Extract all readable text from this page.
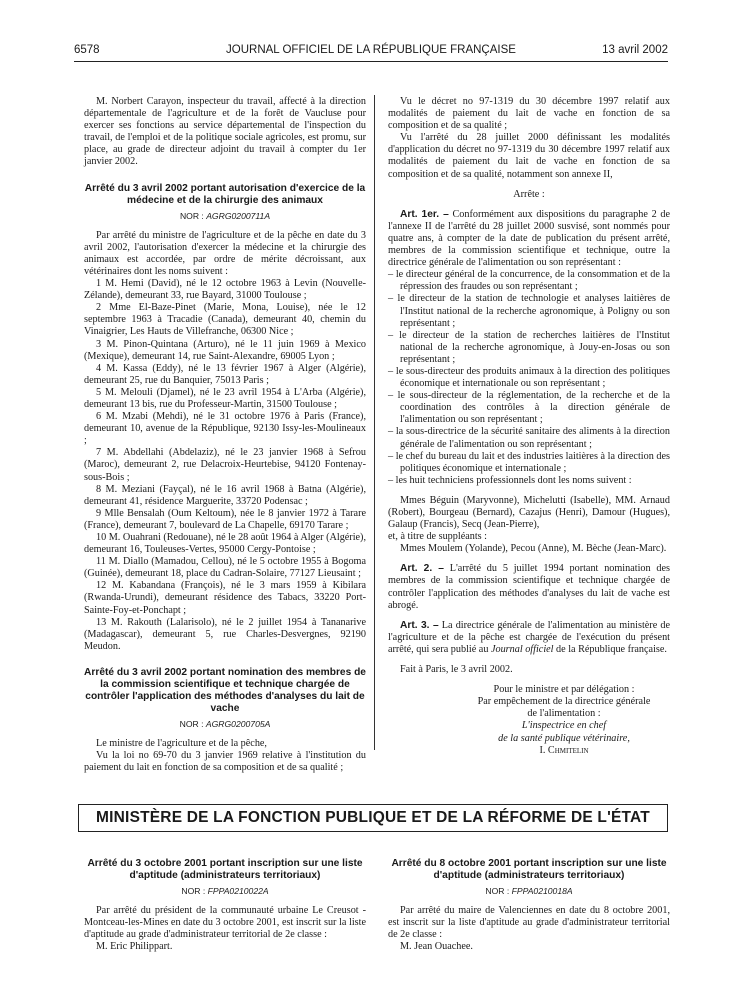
6578	JOURNAL OFFICIEL DE LA RÉPUBLIQUE FRANÇAISE	13 avril 2002

M. Norbert Carayon, inspecteur du travail, affecté à la direction départementale de l'agriculture et de la forêt de Vaucluse pour exercer ses fonctions au service départemental de l'inspection du travail, de l'emploi et de la politique sociale agricoles, est promu, sur place, au grade de directeur adjoint du travail à compter du 1er janvier 2002.

Arrêté du 3 avril 2002 portant autorisation d'exercice de la médecine et de la chirurgie des animaux

NOR : AGRG0200711A

Par arrêté du ministre de l'agriculture et de la pêche en date du 3 avril 2002, l'autorisation d'exercer la médecine et la chirurgie des animaux est accordée, par ordre de mérite décroissant, aux vétérinaires dont les noms suivent :

1 M. Hemi (David), né le 12 octobre 1963 à Levin (Nouvelle-Zélande), demeurant 33, rue Bayard, 31000 Toulouse ;

2 Mme El-Baze-Pinet (Marie, Mona, Louise), née le 12 septembre 1963 à Tracadie (Canada), demeurant 40, chemin du Vinaigrier, Les Hauts de Villefranche, 06300 Nice ;

3 M. Pinon-Quintana (Arturo), né le 11 juin 1969 à Mexico (Mexique), demeurant 14, rue Saint-Alexandre, 69005 Lyon ;

4 M. Kassa (Eddy), né le 13 février 1967 à Alger (Algérie), demeurant 25, rue du Banquier, 75013 Paris ;

5 M. Melouli (Djamel), né le 23 avril 1954 à L'Arba (Algérie), demeurant 13 bis, rue du Professeur-Martin, 31500 Toulouse ;

6 M. Mzabi (Mehdi), né le 31 octobre 1976 à Paris (France), demeurant 10, avenue de la République, 92130 Issy-les-Moulineaux ;

7 M. Abdellahi (Abdelaziz), né le 23 janvier 1968 à Sefrou (Maroc), demeurant 2, rue Delacroix-Heurtebise, 94120 Fontenay-sous-Bois ;

8 M. Meziani (Fayçal), né le 16 avril 1968 à Batna (Algérie), demeurant 41, résidence Marguerite, 33720 Podensac ;

9 Mlle Bensalah (Oum Keltoum), née le 8 janvier 1972 à Tarare (France), demeurant 7, boulevard de La Chapelle, 69170 Tarare ;

10 M. Ouahrani (Redouane), né le 28 août 1964 à Alger (Algérie), demeurant 16, Touleuses-Vertes, 95000 Cergy-Pontoise ;

11 M. Diallo (Mamadou, Cellou), né le 5 octobre 1955 à Bogoma (Guinée), demeurant 18, place du Cadran-Solaire, 77127 Lieusaint ;

12 M. Kabandana (François), né le 3 mars 1959 à Kibilara (Rwanda-Urundi), demeurant résidence des Tabacs, 33220 Port-Sainte-Foy-et-Ponchapt ;

13 M. Rakouth (Lalarisolo), né le 2 juillet 1954 à Tananarive (Madagascar), demeurant 5, rue Charles-Desvergnes, 92190 Meudon.

Arrêté du 3 avril 2002 portant nomination des membres de la commission scientifique et technique chargée de contrôler l'application des méthodes d'analyses du lait de vache

NOR : AGRG0200705A

Le ministre de l'agriculture et de la pêche,

Vu la loi no 69-70 du 3 janvier 1969 relative à l'institution du paiement du lait en fonction de sa composition et de sa qualité ;

Vu le décret no 97-1319 du 30 décembre 1997 relatif aux modalités de paiement du lait de vache en fonction de sa composition et de sa qualité ;

Vu l'arrêté du 28 juillet 2000 définissant les modalités d'application du décret no 97-1319 du 30 décembre 1997 relatif aux modalités de paiement du lait de vache en fonction de sa composition et de sa qualité, notamment son annexe II,

Arrête :

Art. 1er. – Conformément aux dispositions du paragraphe 2 de l'annexe II de l'arrêté du 28 juillet 2000 susvisé, sont nommés pour quatre ans, à compter de la date de publication du présent arrêté, membres de la commission scientifique et technique, outre la directrice générale de l'alimentation ou son représentant :

– le directeur général de la concurrence, de la consommation et de la répression des fraudes ou son représentant ;
– le directeur de la station de technologie et analyses laitières de l'Institut national de la recherche agronomique, à Poligny ou son représentant ;
– le directeur de la station de recherches laitières de l'Institut national de la recherche agronomique, à Jouy-en-Josas ou son représentant ;
– le sous-directeur des produits animaux à la direction des politiques économique et internationale ou son représentant ;
– le sous-directeur de la réglementation, de la recherche et de la coordination des contrôles à la direction générale de l'alimentation ou son représentant ;
– la sous-directrice de la sécurité sanitaire des aliments à la direction générale de l'alimentation ou son représentant ;
– le chef du bureau du lait et des industries laitières à la direction des politiques économique et internationale ;
– les huit techniciens professionnels dont les noms suivent :

Mmes Béguin (Maryvonne), Michelutti (Isabelle), MM. Arnaud (Robert), Bourgeau (Bernard), Cazajus (Henri), Damour (Hugues), Galaup (Francis), Secq (Jean-Pierre),

et, à titre de suppléants :

Mmes Moulem (Yolande), Pecou (Anne), M. Bèche (Jean-Marc).

Art. 2. – L'arrêté du 5 juillet 1994 portant nomination des membres de la commission scientifique et technique chargée de contrôler l'application des méthodes d'analyses du lait de vache est abrogé.

Art. 3. – La directrice générale de l'alimentation au ministère de l'agriculture et de la pêche est chargée de l'exécution du présent arrêté, qui sera publié au Journal officiel de la République française.

Fait à Paris, le 3 avril 2002.

Pour le ministre et par délégation :

Par empêchement de la directrice générale

de l'alimentation :

L'inspectrice en chef

de la santé publique vétérinaire,

I. Chmitelin

MINISTÈRE DE LA FONCTION PUBLIQUE ET DE LA RÉFORME DE L'ÉTAT

Arrêté du 3 octobre 2001 portant inscription sur une liste d'aptitude (administrateurs territoriaux)

NOR : FPPA0210022A

Par arrêté du président de la communauté urbaine Le Creusot - Montceau-les-Mines en date du 3 octobre 2001, est inscrit sur la liste d'aptitude au grade d'administrateur territorial de 2e classe :

M. Eric Philippart.

Arrêté du 8 octobre 2001 portant inscription sur une liste d'aptitude (administrateurs territoriaux)

NOR : FPPA0210018A

Par arrêté du maire de Valenciennes en date du 8 octobre 2001, est inscrit sur la liste d'aptitude au grade d'administrateur territorial de 2e classe :

M. Jean Ouachee.
